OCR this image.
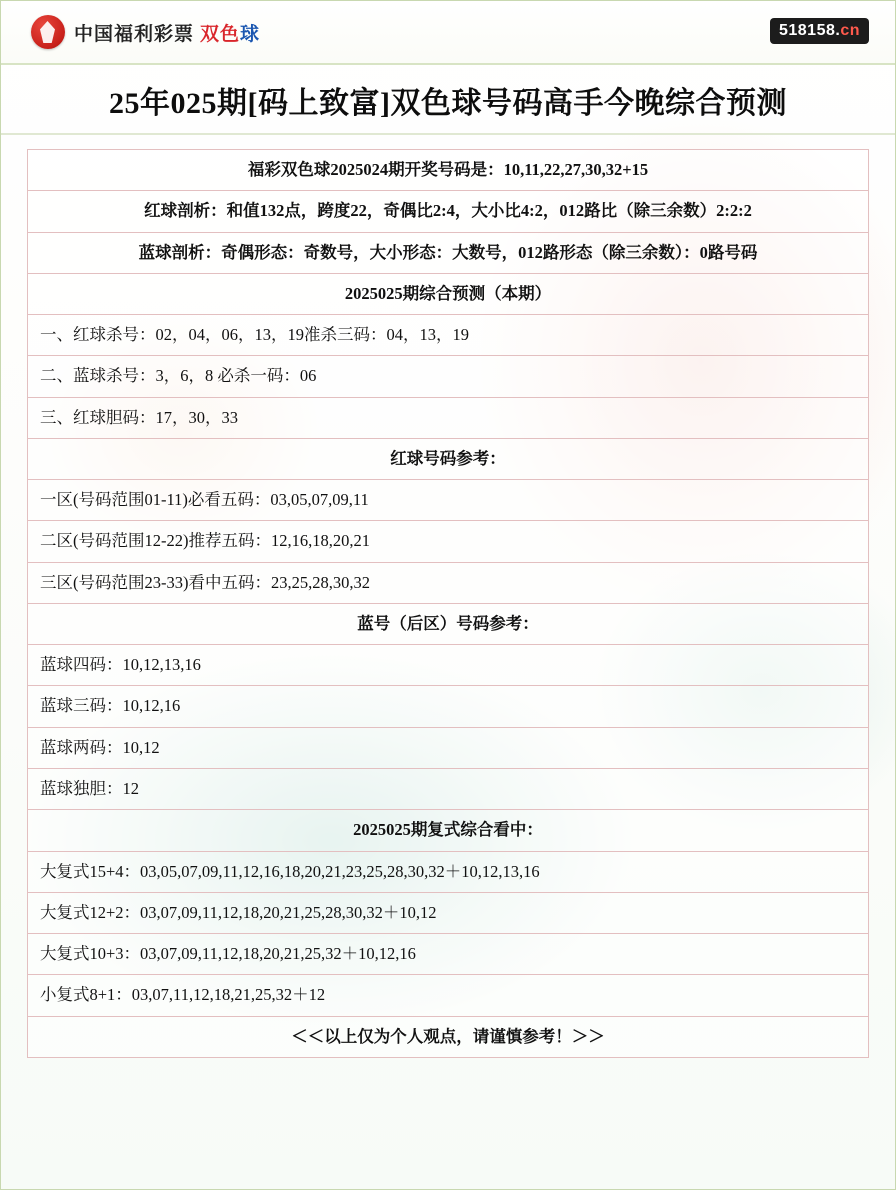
中国福利彩票 双色球	518158.cn
25年025期[码上致富]双色球号码高手今晚综合预测
福彩双色球2025024期开奖号码是：10,11,22,27,30,32+15
红球剖析：和值132点，跨度22，奇偶比2:4，大小比4:2，012路比（除三余数）2:2:2
蓝球剖析：奇偶形态：奇数号，大小形态：大数号，012路形态（除三余数）：0路号码
2025025期综合预测（本期）
一、红球杀号：02，04，06，13，19准杀三码：04，13，19
二、蓝球杀号：3，6，8 必杀一码：06
三、红球胆码：17，30，33
红球号码参考：
一区(号码范围01-11)必看五码：03,05,07,09,11
二区(号码范围12-22)推荐五码：12,16,18,20,21
三区(号码范围23-33)看中五码：23,25,28,30,32
蓝号（后区）号码参考：
蓝球四码：10,12,13,16
蓝球三码：10,12,16
蓝球两码：10,12
蓝球独胆：12
2025025期复式综合看中：
大复式15+4：03,05,07,09,11,12,16,18,20,21,23,25,28,30,32＋10,12,13,16
大复式12+2：03,07,09,11,12,18,20,21,25,28,30,32＋10,12
大复式10+3：03,07,09,11,12,18,20,21,25,32＋10,12,16
小复式8+1：03,07,11,12,18,21,25,32＋12
＜＜以上仅为个人观点，请谨慎参考！＞＞
